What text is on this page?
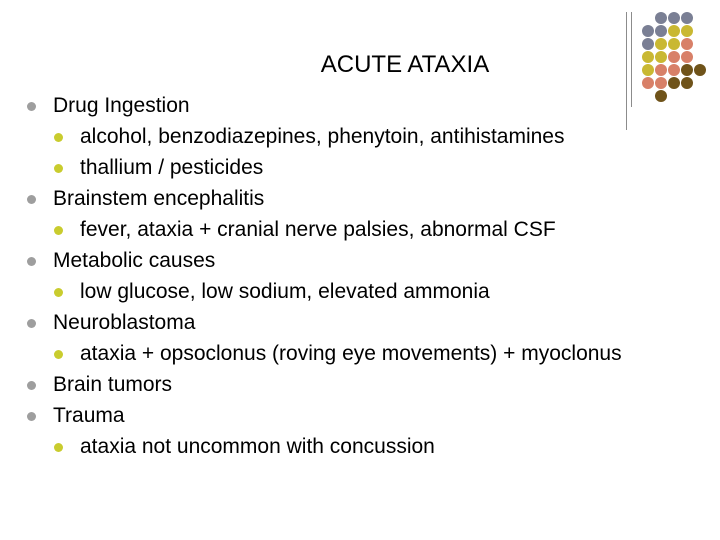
ACUTE ATAXIA
Drug Ingestion
alcohol, benzodiazepines, phenytoin, antihistamines
thallium / pesticides
Brainstem encephalitis
fever, ataxia + cranial nerve palsies, abnormal CSF
Metabolic causes
low glucose, low sodium, elevated ammonia
Neuroblastoma
ataxia + opsoclonus (roving eye movements) + myoclonus
Brain tumors
Trauma
ataxia not uncommon with concussion
